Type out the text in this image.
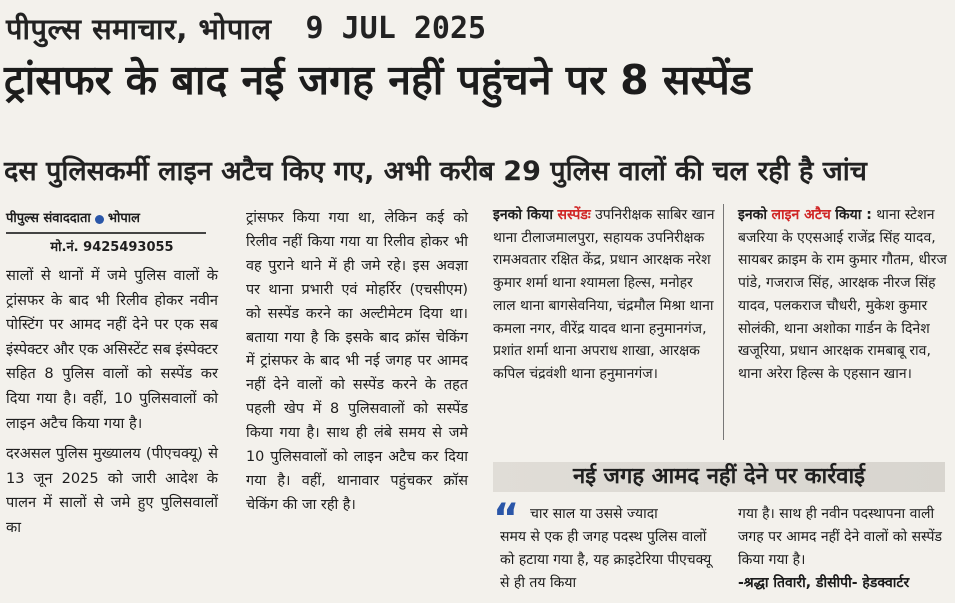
पीपुल्स समाचार, भोपाल 9 JUL 2025
ट्रांसफर के बाद नई जगह नहीं पहुंचने पर 8 सस्पेंड
दस पुलिसकर्मी लाइन अटैच किए गए, अभी करीब 29 पुलिस वालों की चल रही है जांच
पीपुल्स संवाददाता भोपाल
मो.नं. 9425493055
सालों से थानों में जमे पुलिस वालों के ट्रांसफर के बाद भी रिलीव होकर नवीन पोस्टिंग पर आमद नहीं देने पर एक सब इंस्पेक्टर और एक असिस्टेंट सब इंस्पेक्टर सहित 8 पुलिस वालों को सस्पेंड कर दिया गया है। वहीं, 10 पुलिसवालों को लाइन अटैच किया गया है।
दरअसल पुलिस मुख्यालय (पीएचक्यू) से 13 जून 2025 को जारी आदेश के पालन में सालों से जमे हुए पुलिसवालों का
ट्रांसफर किया गया था, लेकिन कई को रिलीव नहीं किया गया या रिलीव होकर भी वह पुराने थाने में ही जमे रहे। इस अवज्ञा पर थाना प्रभारी एवं मोहर्रिर (एचसीएम) को सस्पेंड करने का अल्टीमेटम दिया था। बताया गया है कि इसके बाद क्रॉस चेकिंग में ट्रांसफर के बाद भी नई जगह पर आमद नहीं देने वालों को सस्पेंड करने के तहत पहली खेप में 8 पुलिसवालों को सस्पेंड किया गया है। साथ ही लंबे समय से जमे 10 पुलिसवालों को लाइन अटैच कर दिया गया है। वहीं, थानावार पहुंचकर क्रॉस चेकिंग की जा रही है।
इनको किया सस्पेंडः उपनिरीक्षक साबिर खान थाना टीलाजमालपुरा, सहायक उपनिरीक्षक रामअवतार रक्षित केंद्र, प्रधान आरक्षक नरेश कुमार शर्मा थाना श्यामला हिल्स, मनोहर लाल थाना बागसेवनिया, चंद्रमौल मिश्रा थाना कमला नगर, वीरेंद्र यादव थाना हनुमानगंज, प्रशांत शर्मा थाना अपराध शाखा, आरक्षक कपिल चंद्रवंशी थाना हनुमानगंज।
इनको लाइन अटैच किया : थाना स्टेशन बजरिया के एएसआई राजेंद्र सिंह यादव, सायबर क्राइम के राम कुमार गौतम, धीरज पांडे, गजराज सिंह, आरक्षक नीरज सिंह यादव, पलकराज चौधरी, मुकेश कुमार सोलंकी, थाना अशोका गार्डन के दिनेश खजूरिया, प्रधान आरक्षक रामबाबू राव, थाना अरेरा हिल्स के एहसान खान।
नई जगह आमद नहीं देने पर कार्रवाई
“ चार साल या उससे ज्यादा
समय से एक ही जगह पदस्थ पुलिस वालों को हटाया गया है, यह क्राइटेरिया पीएचक्यू से ही तय किया
गया है। साथ ही नवीन पदस्थापना वाली जगह पर आमद नहीं देने वालों को सस्पेंड किया गया है।
-श्रद्धा तिवारी, डीसीपी- हेडक्वार्टर
